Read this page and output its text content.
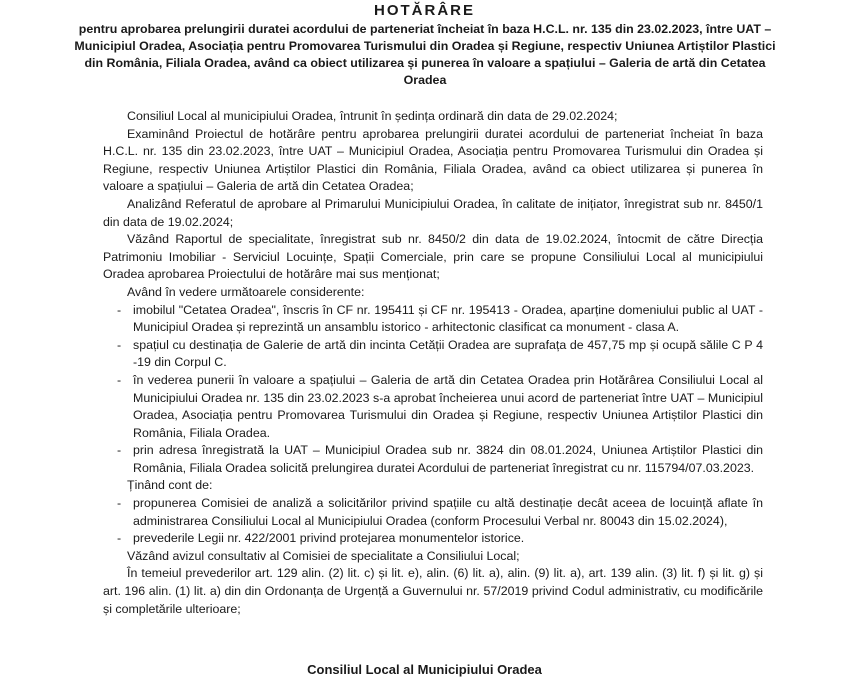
HOTĂRÂRE
pentru aprobarea prelungirii duratei acordului de parteneriat încheiat în baza H.C.L. nr. 135 din 23.02.2023, între UAT – Municipiul Oradea, Asociația pentru Promovarea Turismului din Oradea și Regiune, respectiv Uniunea Artiștilor Plastici din România, Filiala Oradea, având ca obiect utilizarea și punerea în valoare a spațiului – Galeria de artă din Cetatea Oradea

Consiliul Local al municipiului Oradea, întrunit în ședința ordinară din data de 29.02.2024;

Examinând Proiectul de hotărâre pentru aprobarea prelungirii duratei acordului de parteneriat încheiat în baza H.C.L. nr. 135 din 23.02.2023, între UAT – Municipiul Oradea, Asociația pentru Promovarea Turismului din Oradea și Regiune, respectiv Uniunea Artiștilor Plastici din România, Filiala Oradea, având ca obiect utilizarea și punerea în valoare a spațiului – Galeria de artă din Cetatea Oradea;

Analizând Referatul de aprobare al Primarului Municipiului Oradea, în calitate de inițiator, înregistrat sub nr. 8450/1 din data de 19.02.2024;

Văzând Raportul de specialitate, înregistrat sub nr. 8450/2 din data de 19.02.2024, întocmit de către Direcția Patrimoniu Imobiliar - Serviciul Locuințe, Spații Comerciale, prin care se propune Consiliului Local al municipiului Oradea aprobarea Proiectului de hotărâre mai sus menționat;

Având în vedere următoarele considerente:

- imobilul "Cetatea Oradea", înscris în CF nr. 195411 și CF nr. 195413 - Oradea, aparține domeniului public al UAT - Municipiul Oradea și reprezintă un ansamblu istorico - arhitectonic clasificat ca monument - clasa A.
- spațiul cu destinația de Galerie de artă din incinta Cetății Oradea are suprafața de 457,75 mp și ocupă sălile C P 4 -19 din Corpul C.
- în vederea punerii în valoare a spațiului – Galeria de artă din Cetatea Oradea prin Hotărârea Consiliului Local al Municipiului Oradea nr. 135 din 23.02.2023 s-a aprobat încheierea unui acord de parteneriat între UAT – Municipiul Oradea, Asociația pentru Promovarea Turismului din Oradea și Regiune, respectiv Uniunea Artiștilor Plastici din România, Filiala Oradea.
- prin adresa înregistrată la UAT – Municipiul Oradea sub nr. 3824 din 08.01.2024, Uniunea Artiștilor Plastici din România, Filiala Oradea solicită prelungirea duratei Acordului de parteneriat înregistrat cu nr. 115794/07.03.2023.

Ținând cont de:

- propunerea Comisiei de analiză a solicitărilor privind spațiile cu altă destinație decât aceea de locuință aflate în administrarea Consiliului Local al Municipiului Oradea (conform Procesului Verbal nr. 80043 din 15.02.2024),
- prevederile Legii nr. 422/2001 privind protejarea monumentelor istorice.

Văzând avizul consultativ al Comisiei de specialitate a Consiliului Local;

În temeiul prevederilor art. 129 alin. (2) lit. c) și lit. e), alin. (6) lit. a), alin. (9) lit. a), art. 139 alin. (3) lit. f) și lit. g) și art. 196 alin. (1) lit. a) din din Ordonanța de Urgență a Guvernului nr. 57/2019 privind Codul administrativ, cu modificările și completările ulterioare;

Consiliul Local al Municipiului Oradea
